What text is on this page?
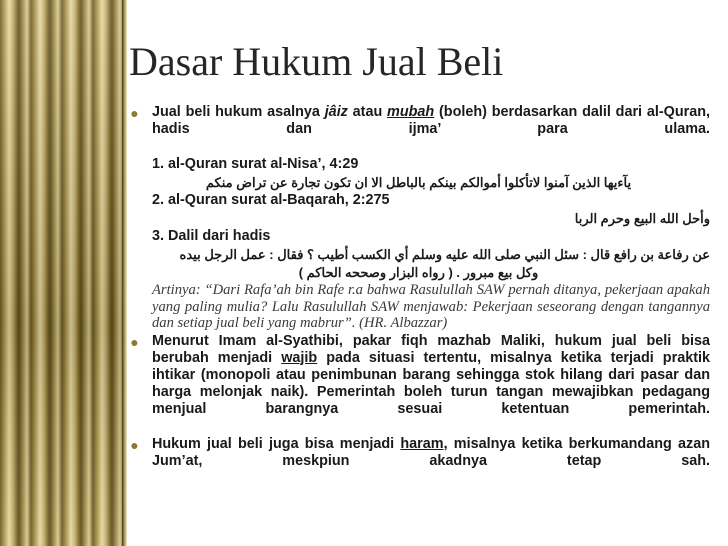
Dasar Hukum Jual Beli
● Jual beli hukum asalnya jâiz atau mubah (boleh) berdasarkan dalil dari al-Quran, hadis dan ijma’ para ulama.
1. al-Quran surat al-Nisa’, 4:29
يآءيها الذين آمنوا لاتأكلوا أموالكم بينكم بالباطل الا ان تكون تجارة عن تراض منكم
2. al-Quran surat al-Baqarah, 2:275
وأحل الله البيع وحرم الربا
3. Dalil dari hadis
عن رفاعة بن رافع قال : سئل النبي صلى الله عليه وسلم أي الكسب أطيب ؟ فقال : عمل الرجل بيده
وكل بيع مبرور . ( رواه البزار وصححه الحاكم )
Artinya: “Dari Rafa’ah bin Rafe r.a bahwa Rasulullah SAW pernah ditanya, pekerjaan apakah yang paling mulia? Lalu Rasulullah SAW menjawab: Pekerjaan seseorang dengan tangannya dan setiap jual beli yang mabrur”. (HR. Albazzar)
● Menurut Imam al-Syathibi, pakar fiqh mazhab Maliki, hukum jual beli bisa berubah menjadi wajib pada situasi tertentu, misalnya ketika terjadi praktik ihtikar (monopoli atau penimbunan barang sehingga stok hilang dari pasar dan harga melonjak naik). Pemerintah boleh turun tangan mewajibkan pedagang menjual barangnya sesuai ketentuan pemerintah.
● Hukum jual beli juga bisa menjadi haram, misalnya ketika berkumandang azan Jum’at, meskpiun akadnya tetap sah.
